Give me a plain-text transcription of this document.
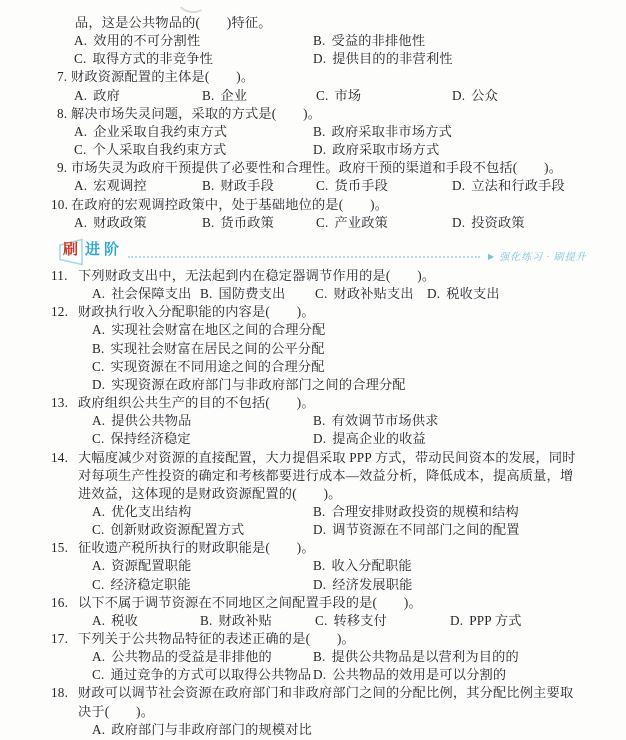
刷 进阶	▶ 强化练习 · 刷提升
品，这是公共物品的(　　)特征。
A. 效用的不可分割性	B. 受益的非排他性
C. 取得方式的非竞争性	D. 提供目的的非营利性
7. 财政资源配置的主体是(　　)。
A. 政府	B. 企业	C. 市场	D. 公众
8. 解决市场失灵问题，采取的方式是(　　)。
A. 企业采取自我约束方式	B. 政府采取非市场方式
C. 个人采取自我约束方式	D. 政府采取市场方式
9. 市场失灵为政府干预提供了必要性和合理性。政府干预的渠道和手段不包括(　　)。
A. 宏观调控	B. 财政手段	C. 货币手段	D. 立法和行政手段
10. 在政府的宏观调控政策中，处于基础地位的是(　　)。
A. 财政政策	B. 货币政策	C. 产业政策	D. 投资政策
11. 下列财政支出中，无法起到内在稳定器调节作用的是(　　)。
A. 社会保障支出 B. 国防费支出 C. 财政补贴支出 D. 税收支出
12. 财政执行收入分配职能的内容是(　　)。
A. 实现社会财富在地区之间的合理分配
B. 实现社会财富在居民之间的公平分配
C. 实现资源在不同用途之间的合理分配
D. 实现资源在政府部门与非政府部门之间的合理分配
13. 政府组织公共生产的目的不包括(　　)。
A. 提供公共物品	B. 有效调节市场供求
C. 保持经济稳定	D. 提高企业的收益
14. 大幅度减少对资源的直接配置，大力提倡采取 PPP 方式，带动民间资本的发展，同时
对每项生产性投资的确定和考核都要进行成本—效益分析，降低成本，提高质量，增
进效益，这体现的是财政资源配置的(　　)。
A. 优化支出结构	B. 合理安排财政投资的规模和结构
C. 创新财政资源配置方式	D. 调节资源在不同部门之间的配置
15. 征收遗产税所执行的财政职能是(　　)。
A. 资源配置职能	B. 收入分配职能
C. 经济稳定职能	D. 经济发展职能
16. 以下不属于调节资源在不同地区之间配置手段的是(　　)。
A. 税收	B. 财政补贴	C. 转移支付	D. PPP 方式
17. 下列关于公共物品特征的表述正确的是(　　)。
A. 公共物品的受益是非排他的	B. 提供公共物品是以营利为目的的
C. 通过竞争的方式可以取得公共物品 D. 公共物品的效用是可以分割的
18. 财政可以调节社会资源在政府部门和非政府部门之间的分配比例，其分配比例主要取
决于(　　)。
A. 政府部门与非政府部门的规模对比
